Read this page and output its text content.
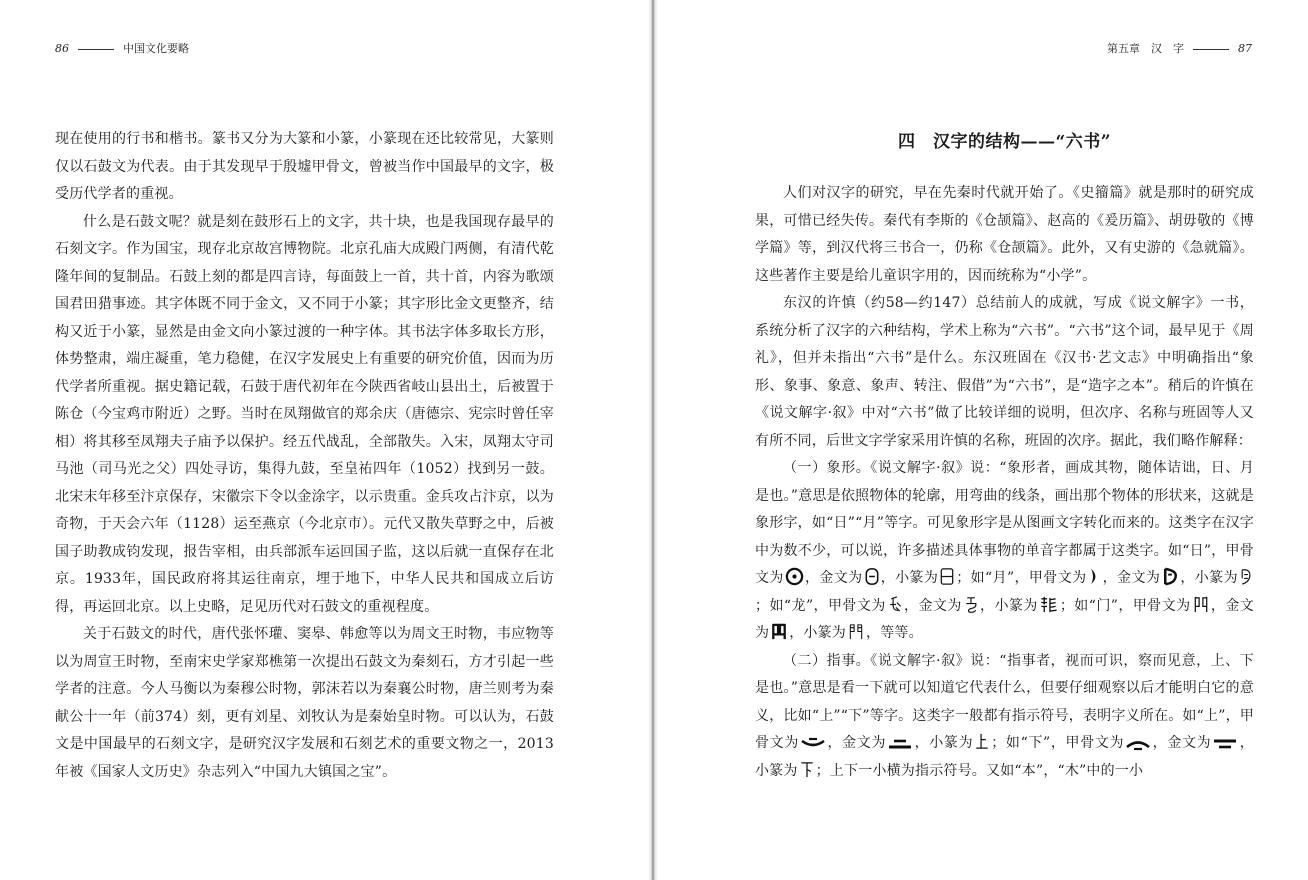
86	中国文化要略

现在使用的行书和楷书。篆书又分为大篆和小篆，小篆现在还比较常见，大篆则仅以石鼓文为代表。由于其发现早于殷墟甲骨文，曾被当作中国最早的文字，极受历代学者的重视。

什么是石鼓文呢？就是刻在鼓形石上的文字，共十块，也是我国现存最早的石刻文字。作为国宝，现存北京故宫博物院。北京孔庙大成殿门两侧，有清代乾隆年间的复制品。石鼓上刻的都是四言诗，每面鼓上一首，共十首，内容为歌颂国君田猎事迹。其字体既不同于金文，又不同于小篆；其字形比金文更整齐，结构又近于小篆，显然是由金文向小篆过渡的一种字体。其书法字体多取长方形，体势整肃，端庄凝重，笔力稳健，在汉字发展史上有重要的研究价值，因而为历代学者所重视。据史籍记载，石鼓于唐代初年在今陕西省岐山县出土，后被置于陈仓（今宝鸡市附近）之野。当时在凤翔做官的郑余庆（唐德宗、宪宗时曾任宰相）将其移至凤翔夫子庙予以保护。经五代战乱，全部散失。入宋，凤翔太守司马池（司马光之父）四处寻访，集得九鼓，至皇祐四年（1052）找到另一鼓。北宋末年移至汴京保存，宋徽宗下令以金涂字，以示贵重。金兵攻占汴京，以为奇物，于天会六年（1128）运至燕京（今北京市）。元代又散失草野之中，后被国子助教成钧发现，报告宰相，由兵部派车运回国子监，这以后就一直保存在北京。1933年，国民政府将其运往南京，埋于地下，中华人民共和国成立后访得，再运回北京。以上史略，足见历代对石鼓文的重视程度。

关于石鼓文的时代，唐代张怀瓘、窦皋、韩愈等以为周文王时物，韦应物等以为周宣王时物，至南宋史学家郑樵第一次提出石鼓文为秦刻石，方才引起一些学者的注意。今人马衡以为秦穆公时物，郭沫若以为秦襄公时物，唐兰则考为秦献公十一年（前374）刻，更有刘星、刘牧认为是秦始皇时物。可以认为，石鼓文是中国最早的石刻文字，是研究汉字发展和石刻艺术的重要文物之一，2013年被《国家人文历史》杂志列入“中国九大镇国之宝”。

第五章　汉　字	87
四　汉字的结构——“六书”

人们对汉字的研究，早在先秦时代就开始了。《史籀篇》就是那时的研究成果，可惜已经失传。秦代有李斯的《仓颉篇》、赵高的《爰历篇》、胡毋敬的《博学篇》等，到汉代将三书合一，仍称《仓颉篇》。此外，又有史游的《急就篇》。这些著作主要是给儿童识字用的，因而统称为“小学”。

东汉的许慎（约58—约147）总结前人的成就，写成《说文解字》一书，系统分析了汉字的六种结构，学术上称为“六书”。“六书”这个词，最早见于《周礼》，但并未指出“六书”是什么。东汉班固在《汉书·艺文志》中明确指出“象形、象事、象意、象声、转注、假借”为“六书”，是“造字之本”。稍后的许慎在《说文解字·叙》中对“六书”做了比较详细的说明，但次序、名称与班固等人又有所不同，后世文字学家采用许慎的名称，班固的次序。据此，我们略作解释：

（一）象形。《说文解字·叙》说：“象形者，画成其物，随体诘诎，日、月是也。”意思是依照物体的轮廓，用弯曲的线条，画出那个物体的形状来，这就是象形字，如“日”“月”等字。可见象形字是从图画文字转化而来的。这类字在汉字中为数不少，可以说，许多描述具体事物的单音字都属于这类字。如“日”，甲骨文为 ，金文为 ，小篆为 ；如“月”，甲骨文为 ，金文为 ，小篆为；如“龙”，甲骨文为 ，金文为 ，小篆为 ；如“门”，甲骨文为 ，金文为 ，小篆为 ，等等。

（二）指事。《说文解字·叙》说：“指事者，视而可识，察而见意，上、下是也。”意思是看一下就可以知道它代表什么，但要仔细观察以后才能明白它的意义，比如“上”“下”等字。这类字一般都有指示符号，表明字义所在。如“上”，甲骨文为 ，金文为 ，小篆为 ；如“下”，甲骨文为 ，金文为 ，小篆为 ；上下一小横为指示符号。又如“本”，“木”中的一小
